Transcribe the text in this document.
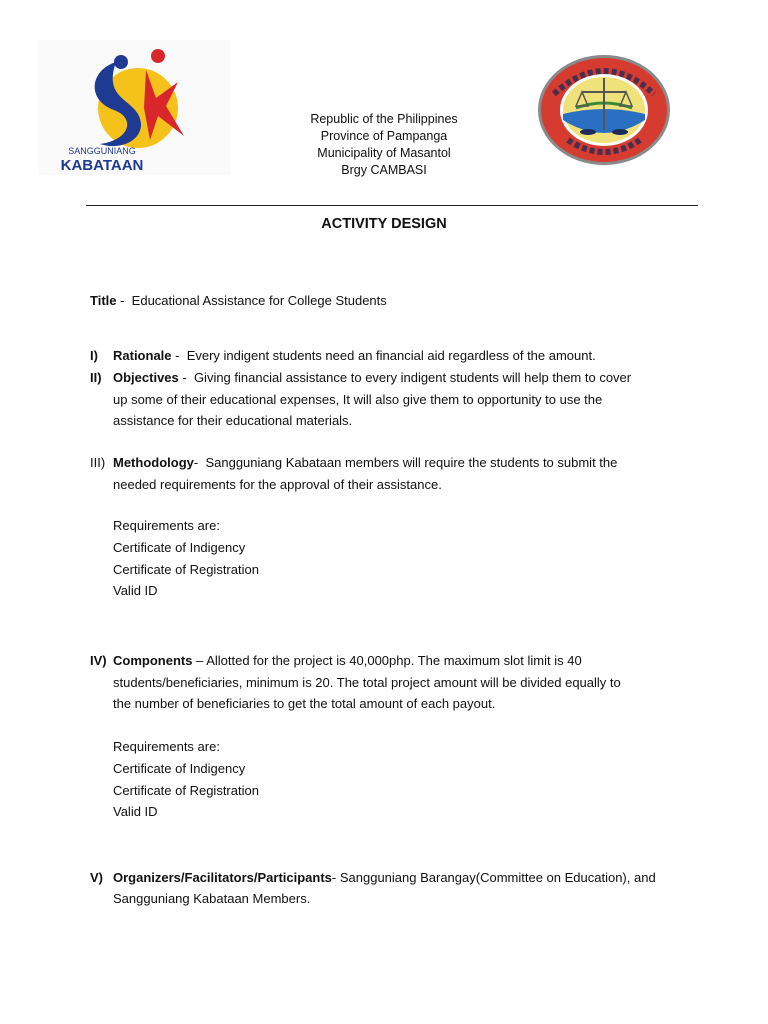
SANGGUNIANG
KABATAAN
Republic of the Philippines
Province of Pampanga
Municipality of Masantol
Brgy CAMBASI
ACTIVITY DESIGN
Title -  Educational Assistance for College Students
I) Rationale -  Every indigent students need an financial aid regardless of the amount.
II) Objectives -  Giving financial assistance to every indigent students will help them to cover
up some of their educational expenses, It will also give them to opportunity to use the
assistance for their educational materials.
III) Methodology-  Sangguniang Kabataan members will require the students to submit the
needed requirements for the approval of their assistance.
Requirements are:
Certificate of Indigency
Certificate of Registration
Valid ID
IV) Components – Allotted for the project is 40,000php. The maximum slot limit is 40
students/beneficiaries, minimum is 20. The total project amount will be divided equally to
the number of beneficiaries to get the total amount of each payout.
Requirements are:
Certificate of Indigency
Certificate of Registration
Valid ID
V) Organizers/Facilitators/Participants- Sangguniang Barangay(Committee on Education), and
Sangguniang Kabataan Members.
